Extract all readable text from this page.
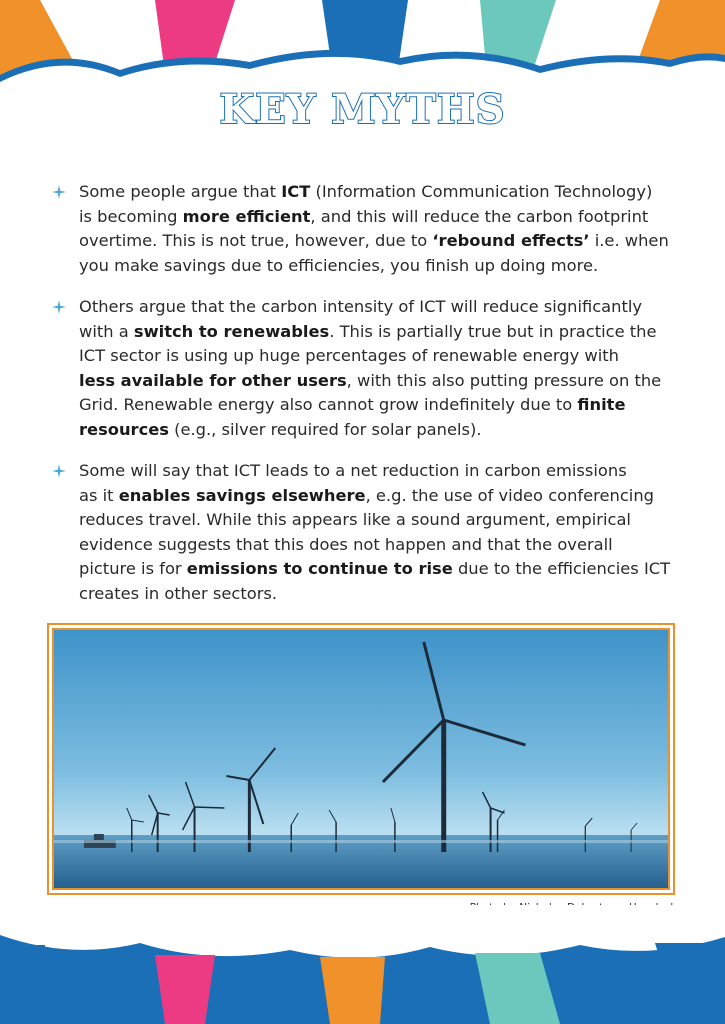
KEY MYTHS
Some people argue that ICT (Information Communication Technology)
is becoming more efficient, and this will reduce the carbon footprint
overtime. This is not true, however, due to ‘rebound effects’ i.e. when
you make savings due to efficiencies, you finish up doing more.
Others argue that the carbon intensity of ICT will reduce significantly
with a switch to renewables. This is partially true but in practice the
ICT sector is using up huge percentages of renewable energy with
less available for other users, with this also putting pressure on the
Grid. Renewable energy also cannot grow indefinitely due to finite
resources (e.g., silver required for solar panels).
Some will say that ICT leads to a net reduction in carbon emissions
as it enables savings elsewhere, e.g. the use of video conferencing
reduces travel. While this appears like a sound argument, empirical
evidence suggests that this does not happen and that the overall
picture is for emissions to continue to rise due to the efficiencies ICT
creates in other sectors.
